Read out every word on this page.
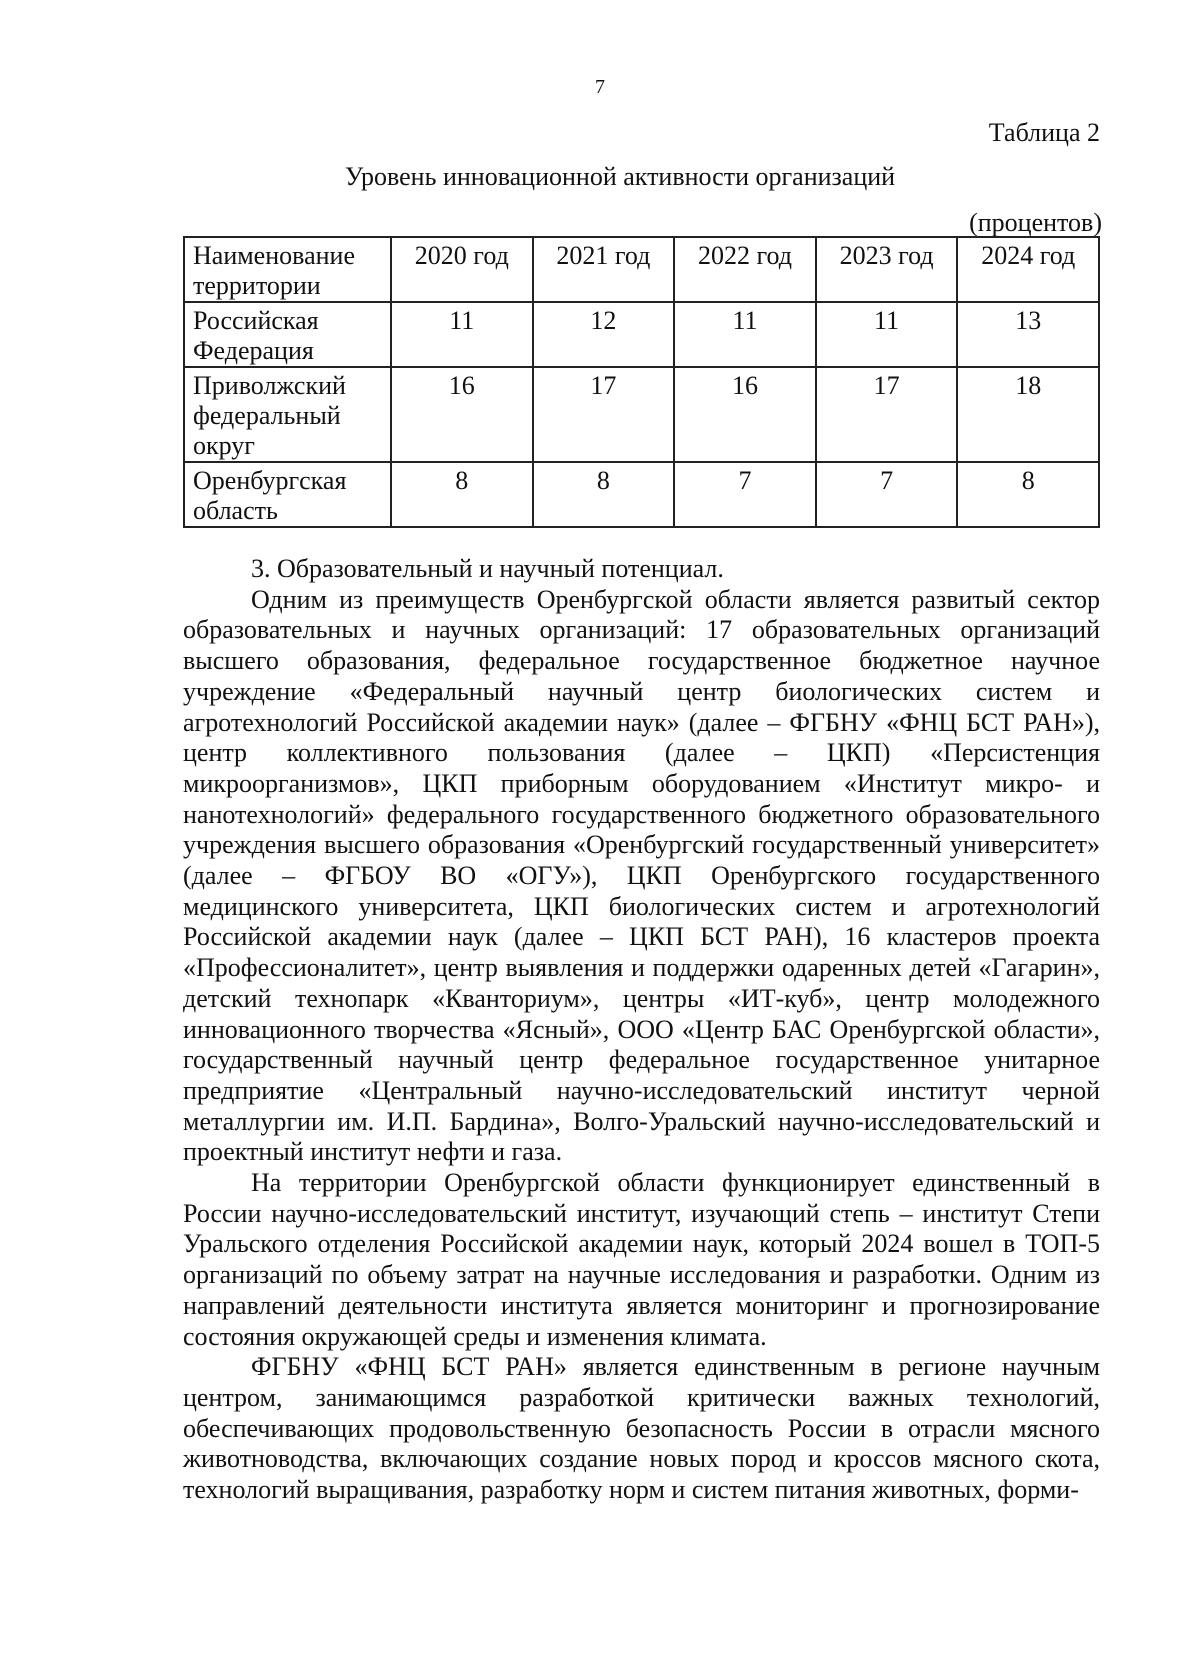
7
Таблица 2
Уровень инновационной активности организаций
(процентов)
Наименование территории	2020 год	2021 год	2022 год	2023 год	2024 год
Российская Федерация	11	12	11	11	13
Приволжский федеральный округ	16	17	16	17	18
Оренбургская область	8	8	7	7	8

3. Образовательный и научный потенциал.

Одним из преимуществ Оренбургской области является развитый сектор образовательных и научных организаций: 17 образовательных организаций высшего образования, федеральное государственное бюджетное научное учреждение «Федеральный научный центр биологических систем и агротехнологий Российской академии наук» (далее – ФГБНУ «ФНЦ БСТ РАН»), центр коллективного пользования (далее – ЦКП) «Персистенция микроорганизмов», ЦКП приборным оборудованием «Институт микро- и нанотехнологий» федерального государственного бюджетного образовательного учреждения высшего образования «Оренбургский государственный университет» (далее – ФГБОУ ВО «ОГУ»), ЦКП Оренбургского государственного медицинского университета, ЦКП биологических систем и агротехнологий Российской академии наук (далее – ЦКП БСТ РАН), 16 кластеров проекта «Профессионалитет», центр выявления и поддержки одаренных детей «Гагарин», детский технопарк «Кванториум», центры «ИТ-куб», центр молодежного инновационного творчества «Ясный», ООО «Центр БАС Оренбургской области», государственный научный центр федеральное государственное унитарное предприятие «Центральный научно-исследовательский институт черной металлургии им. И.П. Бардина», Волго-Уральский научно-исследовательский и проектный институт нефти и газа.

На территории Оренбургской области функционирует единственный в России научно-исследовательский институт, изучающий степь – институт Степи Уральского отделения Российской академии наук, который 2024 вошел в ТОП-5 организаций по объему затрат на научные исследования и разработки. Одним из направлений деятельности института является мониторинг и прогнозирование состояния окружающей среды и изменения климата.

ФГБНУ «ФНЦ БСТ РАН» является единственным в регионе научным центром, занимающимся разработкой критически важных технологий, обеспечивающих продовольственную безопасность России в отрасли мясного животноводства, включающих создание новых пород и кроссов мясного скота, технологий выращивания, разработку норм и систем питания животных, форми-
